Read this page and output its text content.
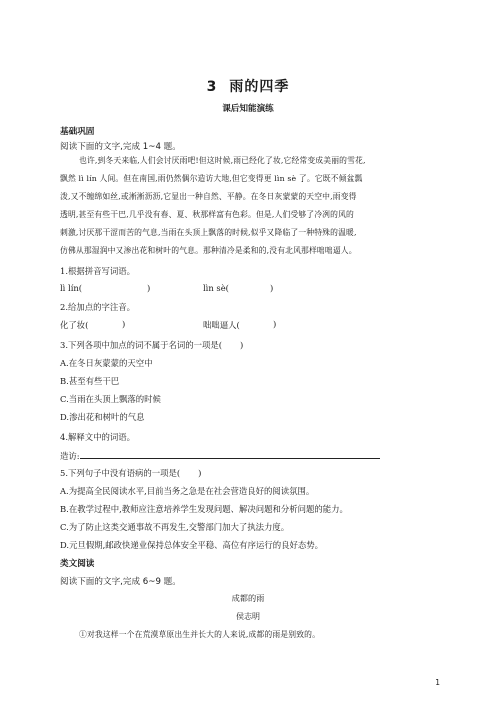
3 雨的四季
课后知能演练
基础巩固
阅读下面的文字,完成 1~4 题。
也许,到冬天来临,人们会讨厌雨吧!但这时候,雨已经化了妆,它经常变成美丽的雪花,
飘然 lì lín 人间。但在南国,雨仍然偶尔造访大地,但它变得更 lìn sè 了。它既不倾盆瓢
泼,又不缠绵如丝,或淅淅沥沥,它显出一种自然、平静。在冬日灰蒙蒙的天空中,雨变得
透明,甚至有些干巴,几乎没有春、夏、秋那样富有色彩。但是,人们受够了冷冽的风的
刺激,讨厌那干涩而苦的气息,当雨在头顶上飘落的时候,似乎又降临了一种特殊的温暖,
仿佛从那湿润中又渗出花和树叶的气息。那种清冷是柔和的,没有北风那样咄咄逼人。
1.根据拼音写词语。
lì lín(	)	lìn sè(	)
2.给加点的字注音。
化了妆(	)	咄咄逼人(	)
3.下列各项中加点的词不属于名词的一项是( )
A.在冬日灰蒙蒙的天空中
B.甚至有些干巴
C.当雨在头顶上飘落的时候
D.渗出花和树叶的气息
4.解释文中的词语。
造访:
5.下列句子中没有语病的一项是( )
A.为提高全民阅读水平,目前当务之急是在社会营造良好的阅读氛围。
B.在教学过程中,教师应注意培养学生发现问题、解决问题和分析问题的能力。
C.为了防止这类交通事故不再发生,交警部门加大了执法力度。
D.元旦假期,邮政快递业保持总体安全平稳、高位有序运行的良好态势。
类文阅读
阅读下面的文字,完成 6~9 题。
成都的雨
侯志明
①对我这样一个在荒漠草原出生并长大的人来说,成都的雨是别致的。
1
